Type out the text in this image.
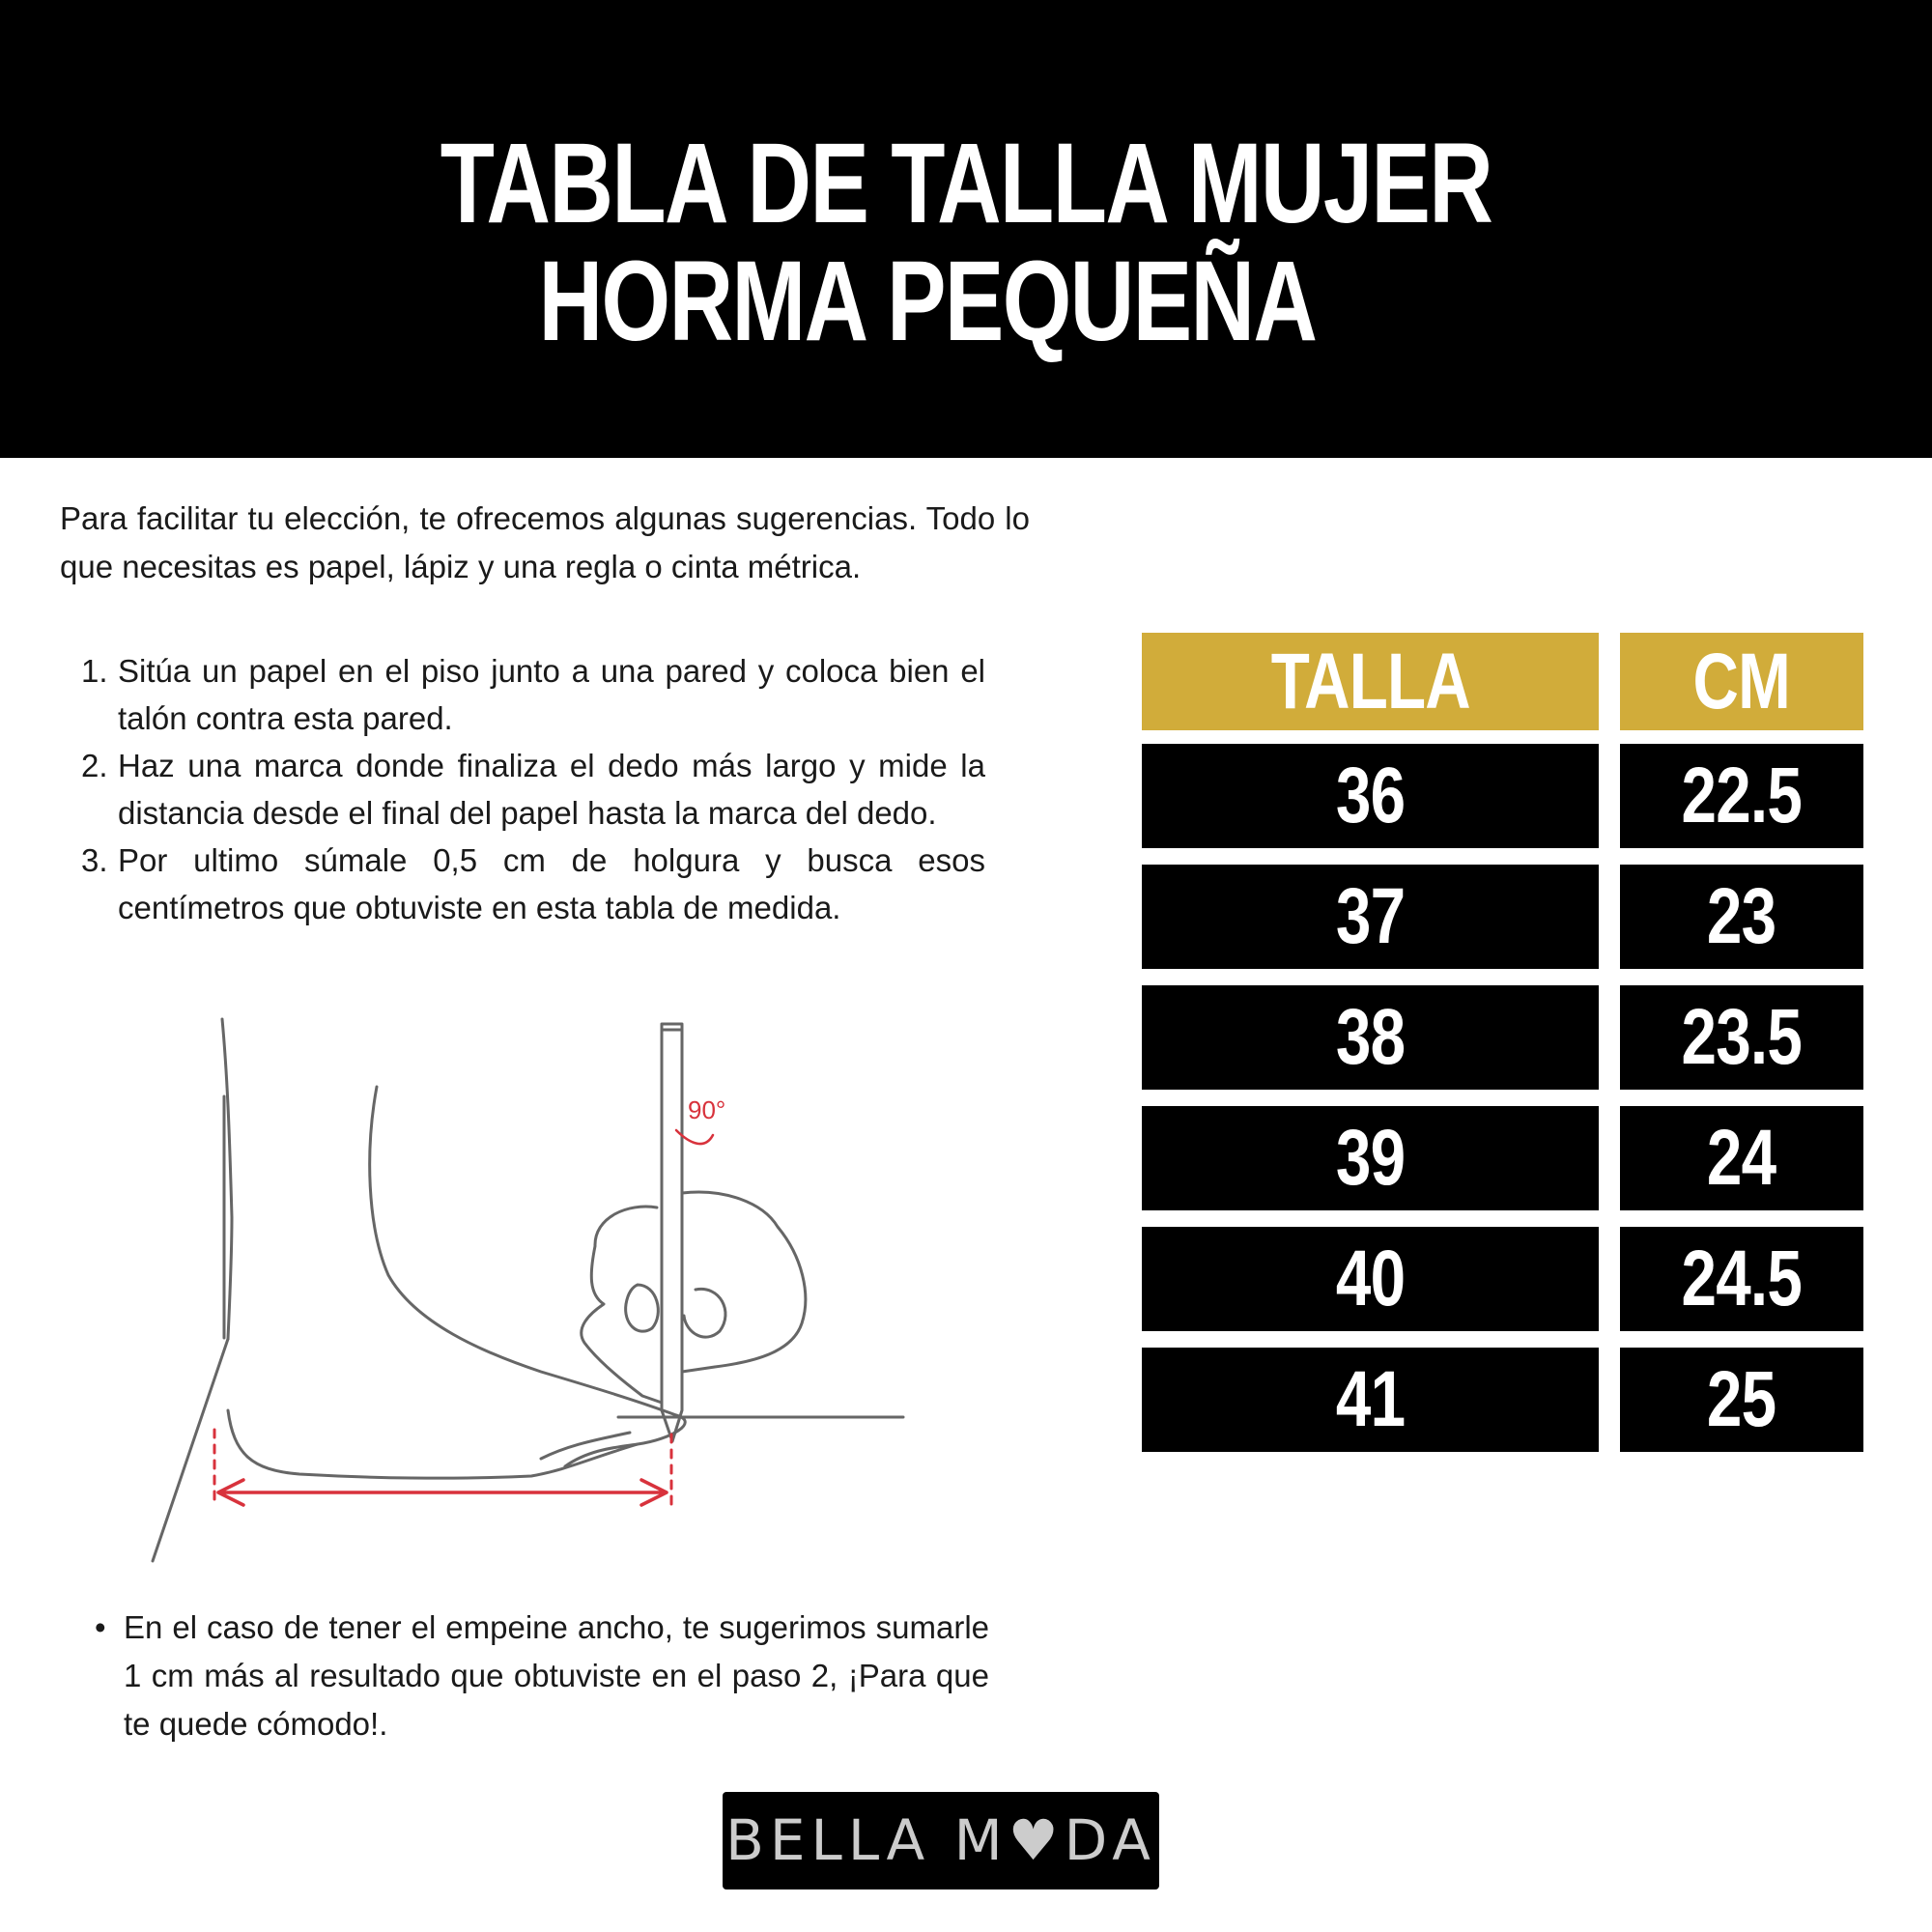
TABLA DE TALLA MUJER
HORMA PEQUEÑA

Para facilitar tu elección, te ofrecemos algunas sugerencias. Todo lo que necesitas es papel, lápiz y una regla o cinta métrica.

1. Sitúa un papel en el piso junto a una pared y coloca bien el talón contra esta pared.
2. Haz una marca donde finaliza el dedo más largo y mide la distancia desde el final del papel hasta la marca del dedo.
3. Por ultimo súmale 0,5 cm de holgura y busca esos centímetros que obtuviste en esta tabla de medida.
90°
• En el caso de tener el empeine ancho, te sugerimos sumarle 1 cm más al resultado que obtuviste en el paso 2, ¡Para que te quede cómodo!.
TALLA	CM
36	22.5
37	23
38	23.5
39	24
40	24.5
41	25
BELLA M♥DA
